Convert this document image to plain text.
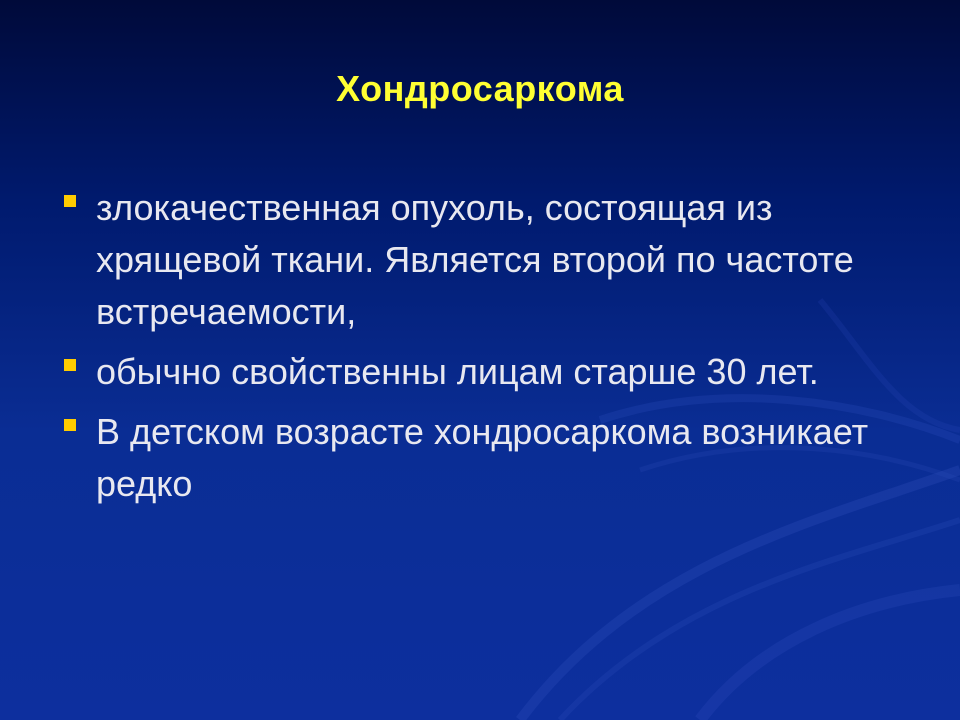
Хондросаркома
злокачественная опухоль, состоящая из хрящевой ткани. Является второй по частоте встречаемости,
обычно свойственны лицам старше 30 лет.
В детском возрасте хондросаркома возникает редко
